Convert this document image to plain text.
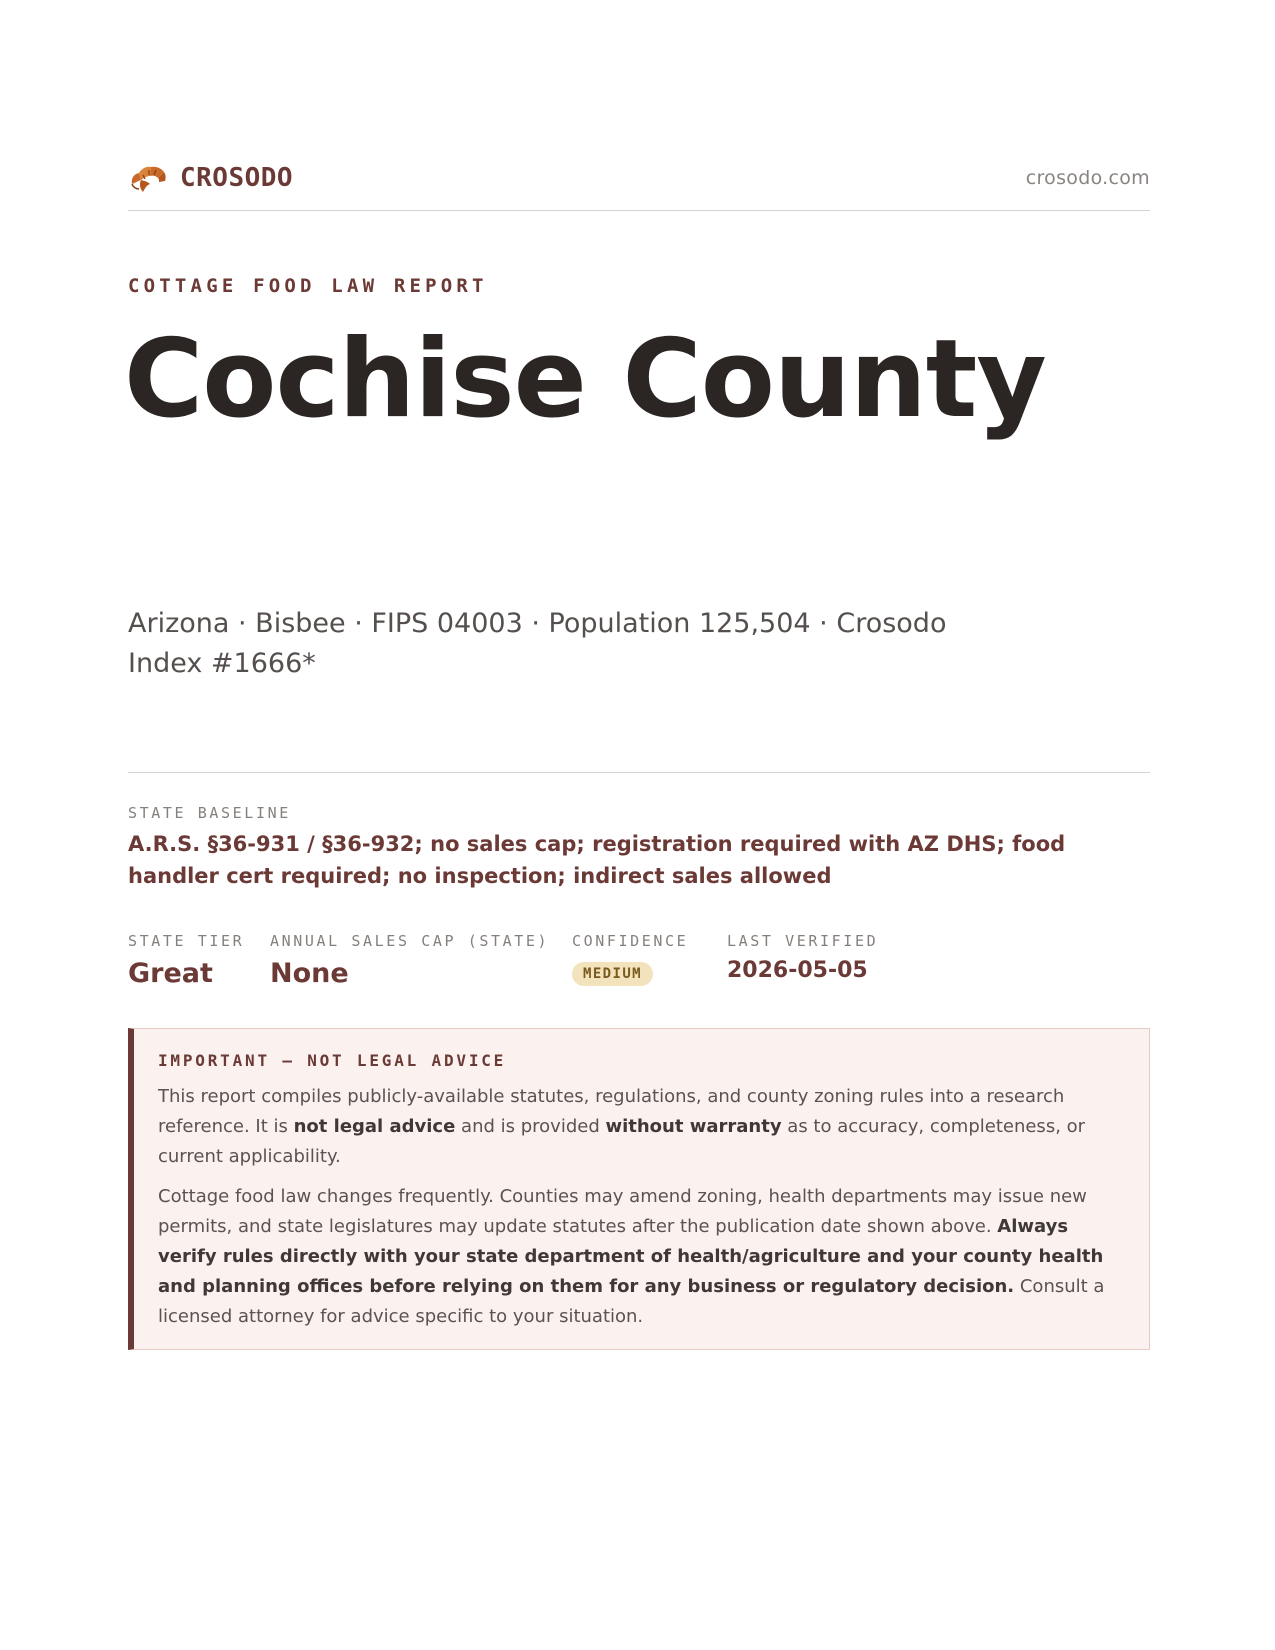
CROSODO	crosodo.com
COTTAGE FOOD LAW REPORT
Cochise County
Arizona · Bisbee · FIPS 04003 · Population 125,504 · Crosodo Index #1666*
STATE BASELINE
A.R.S. §36-931 / §36-932; no sales cap; registration required with AZ DHS; food handler cert required; no inspection; indirect sales allowed
STATE TIER
Great
ANNUAL SALES CAP (STATE)
None
CONFIDENCE
MEDIUM
LAST VERIFIED
2026-05-05
IMPORTANT — NOT LEGAL ADVICE

This report compiles publicly-available statutes, regulations, and county zoning rules into a research reference. It is not legal advice and is provided without warranty as to accuracy, completeness, or current applicability.

Cottage food law changes frequently. Counties may amend zoning, health departments may issue new permits, and state legislatures may update statutes after the publication date shown above. Always verify rules directly with your state department of health/agriculture and your county health and planning offices before relying on them for any business or regulatory decision. Consult a licensed attorney for advice specific to your situation.
